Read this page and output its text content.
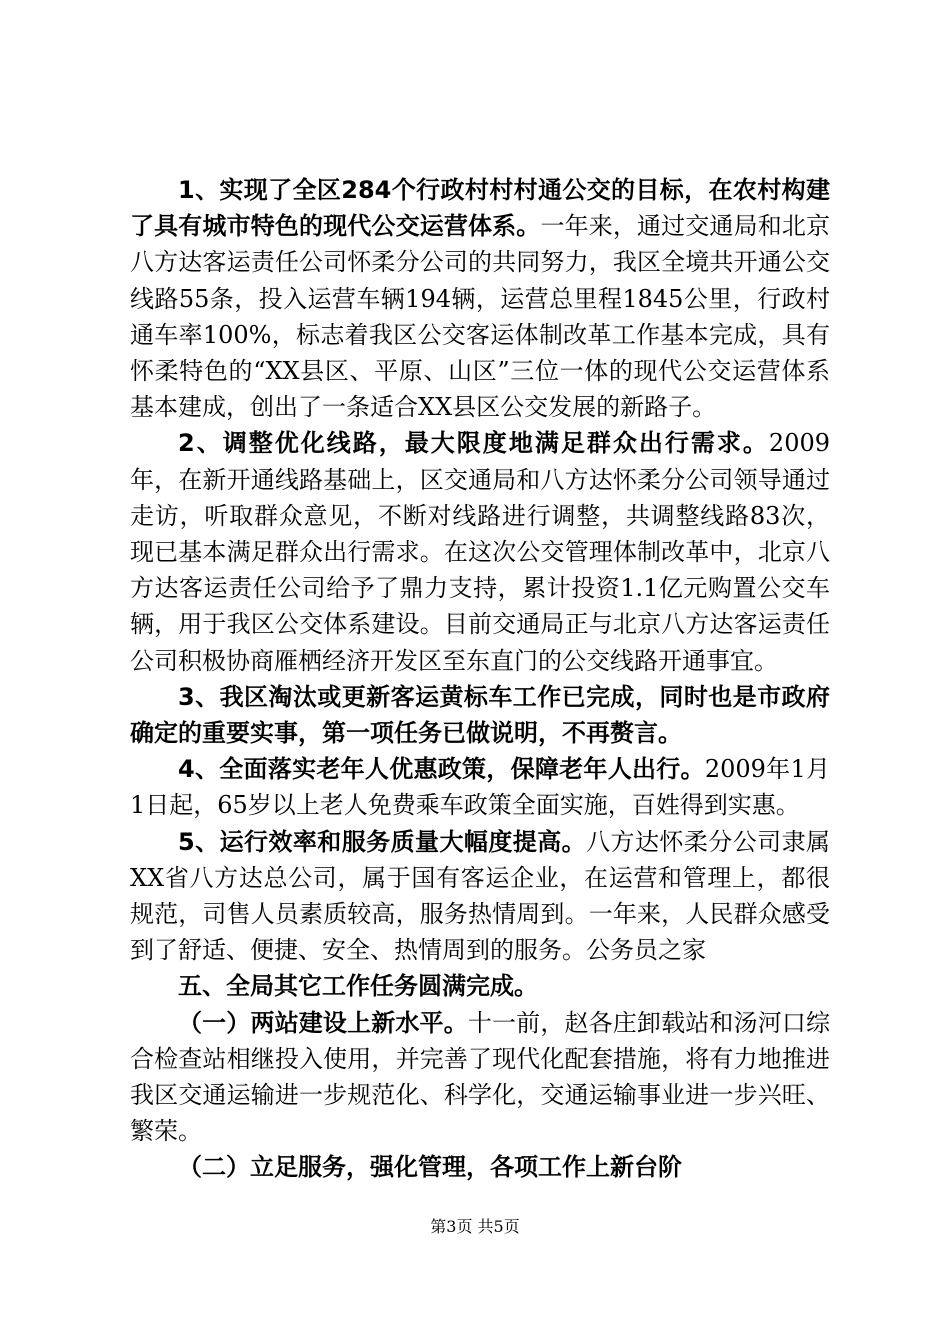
1、实现了全区284个行政村村村通公交的目标，在农村构建了具有城市特色的现代公交运营体系。一年来，通过交通局和北京八方达客运责任公司怀柔分公司的共同努力，我区全境共开通公交线路55条，投入运营车辆194辆，运营总里程1845公里，行政村通车率100%，标志着我区公交客运体制改革工作基本完成，具有怀柔特色的“XX县区、平原、山区”三位一体的现代公交运营体系基本建成，创出了一条适合XX县区公交发展的新路子。

2、调整优化线路，最大限度地满足群众出行需求。2009年，在新开通线路基础上，区交通局和八方达怀柔分公司领导通过走访，听取群众意见，不断对线路进行调整，共调整线路83次，现已基本满足群众出行需求。在这次公交管理体制改革中，北京八方达客运责任公司给予了鼎力支持，累计投资1.1亿元购置公交车辆，用于我区公交体系建设。目前交通局正与北京八方达客运责任公司积极协商雁栖经济开发区至东直门的公交线路开通事宜。

3、我区淘汰或更新客运黄标车工作已完成，同时也是市政府确定的重要实事，第一项任务已做说明，不再赘言。

4、全面落实老年人优惠政策，保障老年人出行。2009年1月1日起，65岁以上老人免费乘车政策全面实施，百姓得到实惠。

5、运行效率和服务质量大幅度提高。八方达怀柔分公司隶属XX省八方达总公司，属于国有客运企业，在运营和管理上，都很规范，司售人员素质较高，服务热情周到。一年来，人民群众感受到了舒适、便捷、安全、热情周到的服务。公务员之家

五、全局其它工作任务圆满完成。

（一）两站建设上新水平。十一前，赵各庄卸载站和汤河口综合检查站相继投入使用，并完善了现代化配套措施，将有力地推进我区交通运输进一步规范化、科学化，交通运输事业进一步兴旺、繁荣。

（二）立足服务，强化管理，各项工作上新台阶

第3页 共5页
